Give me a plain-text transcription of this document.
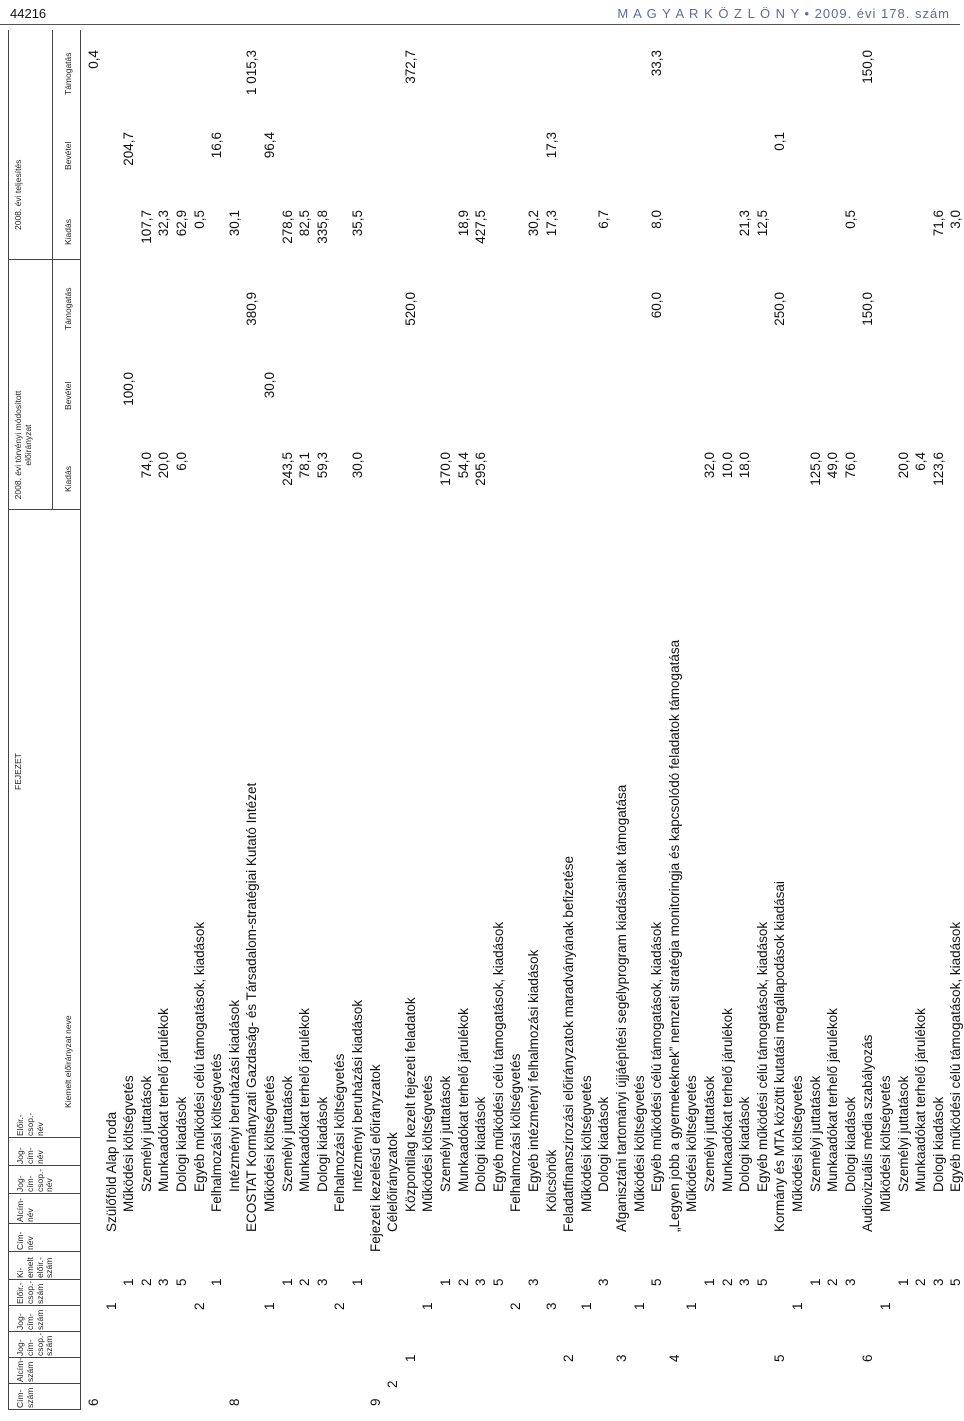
44216	M A G Y A R K Ö Z L Ö N Y • 2009. évi 178. szám
Cím-szám
Alcím-szám
Jog-cím-csop.-szám
Jog-cím-szám
Előir.-csop.-szám
Ki-emelt előir.-szám
Cím-név
Alcím-név
Jog-cím-csop.-név
Jog-cím-név
Előir.-csop.-név
FEJEZET
Kiemelt előirányzat neve
2008. évi törvényi módosított előirányzat
2008. évi teljesítés
Kiadás
Bevétel
Támogatás
Kiadás
Bevétel
Támogatás
6
0,4
1
Szülőföld Alap Iroda
1
Működési költségvetés
100,0
204,7
2
Személyi juttatások
74,0
107,7
3
Munkaadókat terhelő járulékok
20,0
32,3
5
Dologi kiadások
6,0
62,9
2
Egyéb működési célú támogatások, kiadások
0,5
1
Felhalmozási költségvetés
16,6
8
Intézményi beruházási kiadások
30,1
ECOSTAT Kormányzati Gazdaság- és Társadalom-stratégiai Kutató Intézet
380,9
1 015,3
1
Működési költségvetés
30,0
96,4
1
Személyi juttatások
243,5
278,6
2
Munkaadókat terhelő járulékok
78,1
82,5
3
Dologi kiadások
59,3
335,8
2
Felhalmozási költségvetés
1
Intézményi beruházási kiadások
30,0
35,5
9
Fejezeti kezelésű előirányzatok
2
Célelőirányzatok
1
Központilag kezelt fejezeti feladatok
520,0
372,7
1
Működési költségvetés
1
Személyi juttatások
170,0
2
Munkaadókat terhelő járulékok
54,4
18,9
3
Dologi kiadások
295,6
427,5
5
Egyéb működési célú támogatások, kiadások
2
Felhalmozási költségvetés
3
Egyéb intézményi felhalmozási kiadások
30,2
3
Kölcsönök
17,3
17,3
2
Feladatfinanszírozási előirányzatok maradványának befizetése
1
Működési költségvetés
3
Dologi kiadások
6,7
3
Afganisztáni tartományi újjáépítési segélyprogram kiadásainak támogatása
1
Működési költségvetés
5
Egyéb működési célú támogatások, kiadások
60,0
8,0
33,3
4
„Legyen jobb a gyermekeknek” nemzeti stratégia monitoringja és kapcsolódó feladatok támogatása
1
Működési költségvetés
1
Személyi juttatások
32,0
2
Munkaadókat terhelő járulékok
10,0
3
Dologi kiadások
18,0
21,3
5
Egyéb működési célú támogatások, kiadások
12,5
5
Kormány és MTA közötti kutatási megállapodások kiadásai
250,0
0,1
1
Működési költségvetés
1
Személyi juttatások
125,0
2
Munkaadókat terhelő járulékok
49,0
3
Dologi kiadások
76,0
0,5
6
Audiovizuális média szabályozás
150,0
150,0
1
Működési költségvetés
1
Személyi juttatások
20,0
2
Munkaadókat terhelő járulékok
6,4
3
Dologi kiadások
123,6
71,6
5
Egyéb működési célú támogatások, kiadások
3,0
